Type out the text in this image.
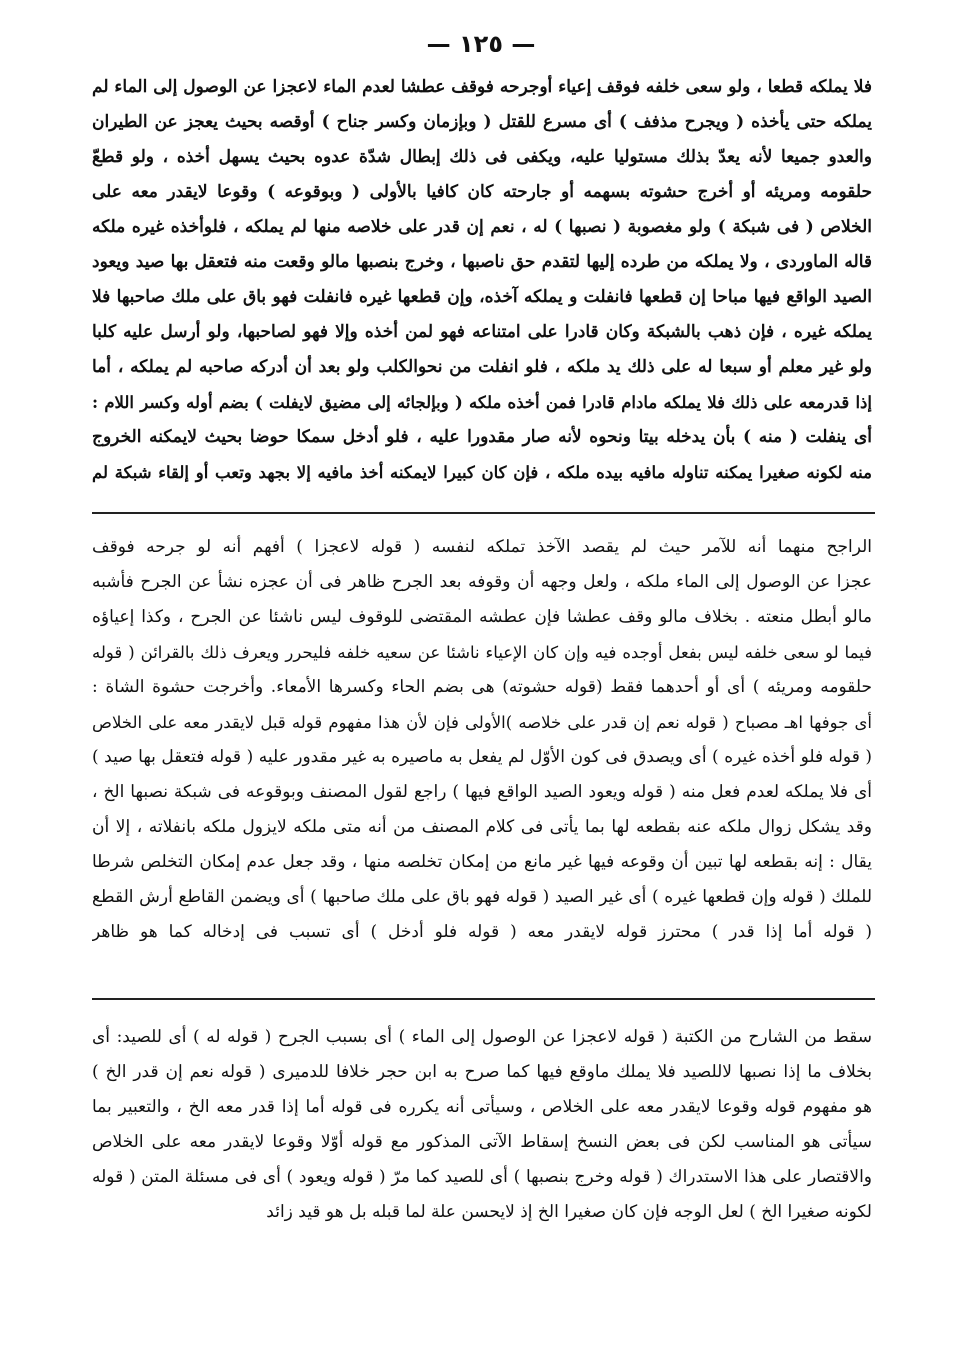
— ١٢٥ —
فلا يملكه قطعا ، ولو سعى خلفه فوقف إعياء أوجرحه فوقف عطشا لعدم الماء لاعجزا عن الوصول إلى الماء لم
يملكه حتى يأخذه ( ويجرح مذفف ) أى مسرع للقتل ( وبإزمان وكسر جناح ) أوقصه بحيث يعجز عن الطيران
والعدو جميعا لأنه يعدّ بذلك مستوليا عليه، ويكفى فى ذلك إبطال شدّة عدوه بحيث يسهل أخذه ، ولو قطعّ
حلقومه ومريئه أو أخرج حشوته بسهمه أو جارحته كان كافيا بالأولى ( وبوقوعه ) وقوعا لايقدر معه على
الخلاص ( فى شبكة ) ولو مغصوبة ( نصبها ) له ، نعم إن قدر على خلاصه منها لم يملكه ، فلوأخذه غيره ملكه
قاله الماوردى ، ولا يملكه من طرده إليها لتقدم حق ناصبها ، وخرج بنصبها مالو وقعت منه فتعقل بها صيد ويعود
الصيد الواقع فيها مباحا إن قطعها فانفلت و يملكه آخذه، وإن قطعها غيره فانفلت فهو باق على ملك صاحبها فلا
يملكه غيره ، فإن ذهب بالشبكة وكان قادرا على امتناعه فهو لمن أخذه وإلا فهو لصاحبها، ولو أرسل عليه كلبا
ولو غير معلم أو سبعا له على ذلك يد ملكه ، فلو انفلت من نحوالكلب ولو بعد أن أدركه صاحبه لم يملكه ، أما
إذا قدرمعه على ذلك فلا يملكه مادام قادرا فمن أخذه ملكه ( وبإلجائه إلى مضيق لايفلت ) بضم أوله وكسر اللام :
أى ينفلت ( منه ) بأن يدخله بيتا ونحوه لأنه صار مقدورا عليه ، فلو أدخل سمكا حوضا بحيث لايمكنه الخروج
منه لكونه صغيرا يمكنه تناوله مافيه بيده ملكه ، فإن كان كبيرا لايمكنه أخذ مافيه إلا بجهد وتعب أو إلقاء شبكة لم
الراجح منهما أنه للآمر حيث لم يقصد الآخذ تملكه لنفسه ( قوله لاعجزا ) أفهم أنه لو جرحه فوقف
عجزا عن الوصول إلى الماء ملكه ، ولعل وجهه أن وقوفه بعد الجرح ظاهر فى أن عجزه نشأ عن الجرح فأشبه
مالو أبطل منعته . بخلاف مالو وقف عطشا فإن عطشه المقتضى للوقوف ليس ناشئا عن الجرح ، وكذا إعياؤه
فيما لو سعى خلفه ليس بفعل أوجده فيه وإن كان الإعياء ناشئا عن سعيه خلفه فليحرر ويعرف ذلك بالقرائن ( قوله
حلقومه ومريئه ) أى أو أحدهما فقط (قوله حشوته) هى بضم الحاء وكسرها الأمعاء. وأخرجت حشوة الشاة :
أى جوفها اهـ مصباح ( قوله نعم إن قدر على خلاصه )الأولى فإن لأن هذا مفهوم قوله قبل لايقدر معه على الخلاص
( قوله فلو أخذه غيره ) أى ويصدق فى كون الأوّل لم يفعل به ماصيره به غير مقدور عليه ( قوله فتعقل بها صيد )
أى فلا يملكه لعدم فعل منه ( قوله ويعود الصيد الواقع فيها ) راجع لقول المصنف وبوقوعه فى شبكة نصبها الخ ،
وقد يشكل زوال ملكه عنه بقطعه لها بما يأتى فى كلام المصنف من أنه متى ملكه لايزول ملكه بانفلاته ، إلا أن
يقال : إنه بقطعه لها تبين أن وقوعه فيها غير مانع من إمكان تخلصه منها ، وقد جعل عدم إمكان التخلص شرطا
للملك ( قوله وإن قطعها غيره ) أى غير الصيد ( قوله فهو باق على ملك صاحبها ) أى ويضمن القاطع أرش القطع
( قوله أما إذا قدر ) محترز قوله لايقدر معه ( قوله فلو أدخل ) أى تسبب فى إدخاله كما هو ظاهر
سقط من الشارح من الكتبة ( قوله لاعجزا عن الوصول إلى الماء ) أى بسبب الجرح ( قوله له ) أى للصيد: أى
بخلاف ما إذا نصبها لاللصيد فلا يملك ماوقع فيها كما صرح به ابن حجر خلافا للدميرى ( قوله نعم إن قدر الخ )
هو مفهوم قوله وقوعا لايقدر معه على الخلاص ، وسيأتى أنه يكرره فى قوله أما إذا قدر معه الخ ، والتعبير بما
سيأتى هو المناسب لكن فى بعض النسخ إسقاط الآتى المذكور مع قوله أوّلا وقوعا لايقدر معه على الخلاص
والاقتصار على هذا الاستدراك ( قوله وخرج بنصبها ) أى للصيد كما مرّ ( قوله ويعود ) أى فى مسئلة المتن ( قوله
لكونه صغيرا الخ ) لعل الوجه فإن كان صغيرا الخ إذ لايحسن علة لما قبله بل هو قيد زائد
